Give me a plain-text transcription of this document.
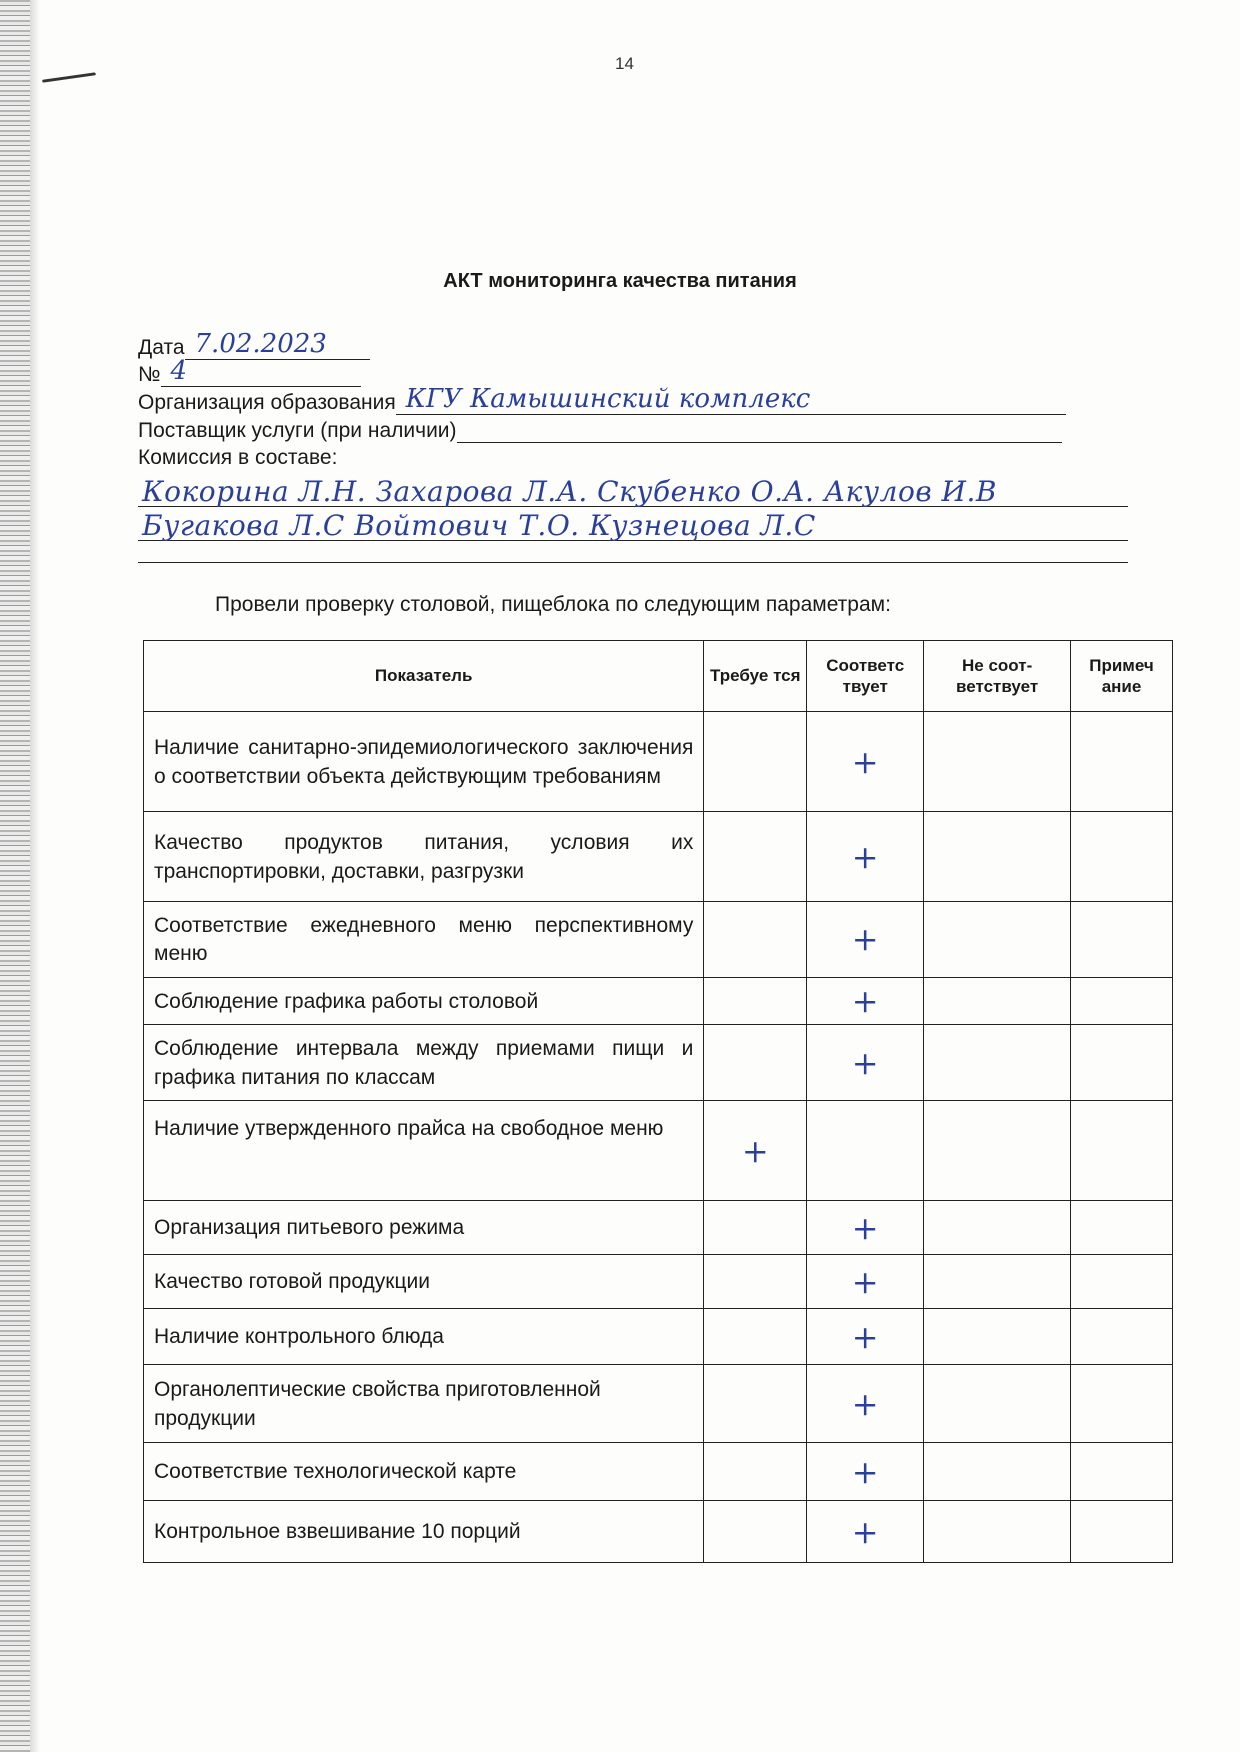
14
АКТ мониторинга качества питания
Дата 7.02.2023
№ 4
Организация образования КГУ Камышинский комплекс
Поставщик услуги (при наличии)
Комиссия в составе:
Кокорина Л.Н. Захарова Л.А. Скубенко О.А. Акулов И.В
Бугакова Л.С Войтович Т.О. Кузнецова Л.С
Провели проверку столовой, пищеблока по следующим параметрам:
Показатель	Требуе тся	Соответс твует	Не соот-ветствует	Примеч ание
Наличие санитарно-эпидемиологического заключения о соответствии объекта действующим требованиям		+		
Качество продуктов питания, условия их транспортировки, доставки, разгрузки		+		
Соответствие ежедневного меню перспективному меню		+		
Соблюдение графика работы столовой		+		
Соблюдение интервала между приемами пищи и графика питания по классам		+		
Наличие утвержденного прайса на свободное меню	+			
Организация питьевого режима		+		
Качество готовой продукции		+		
Наличие контрольного блюда		+		
Органолептические свойства приготовленной продукции		+		
Соответствие технологической карте		+		
Контрольное взвешивание 10 порций		+		
